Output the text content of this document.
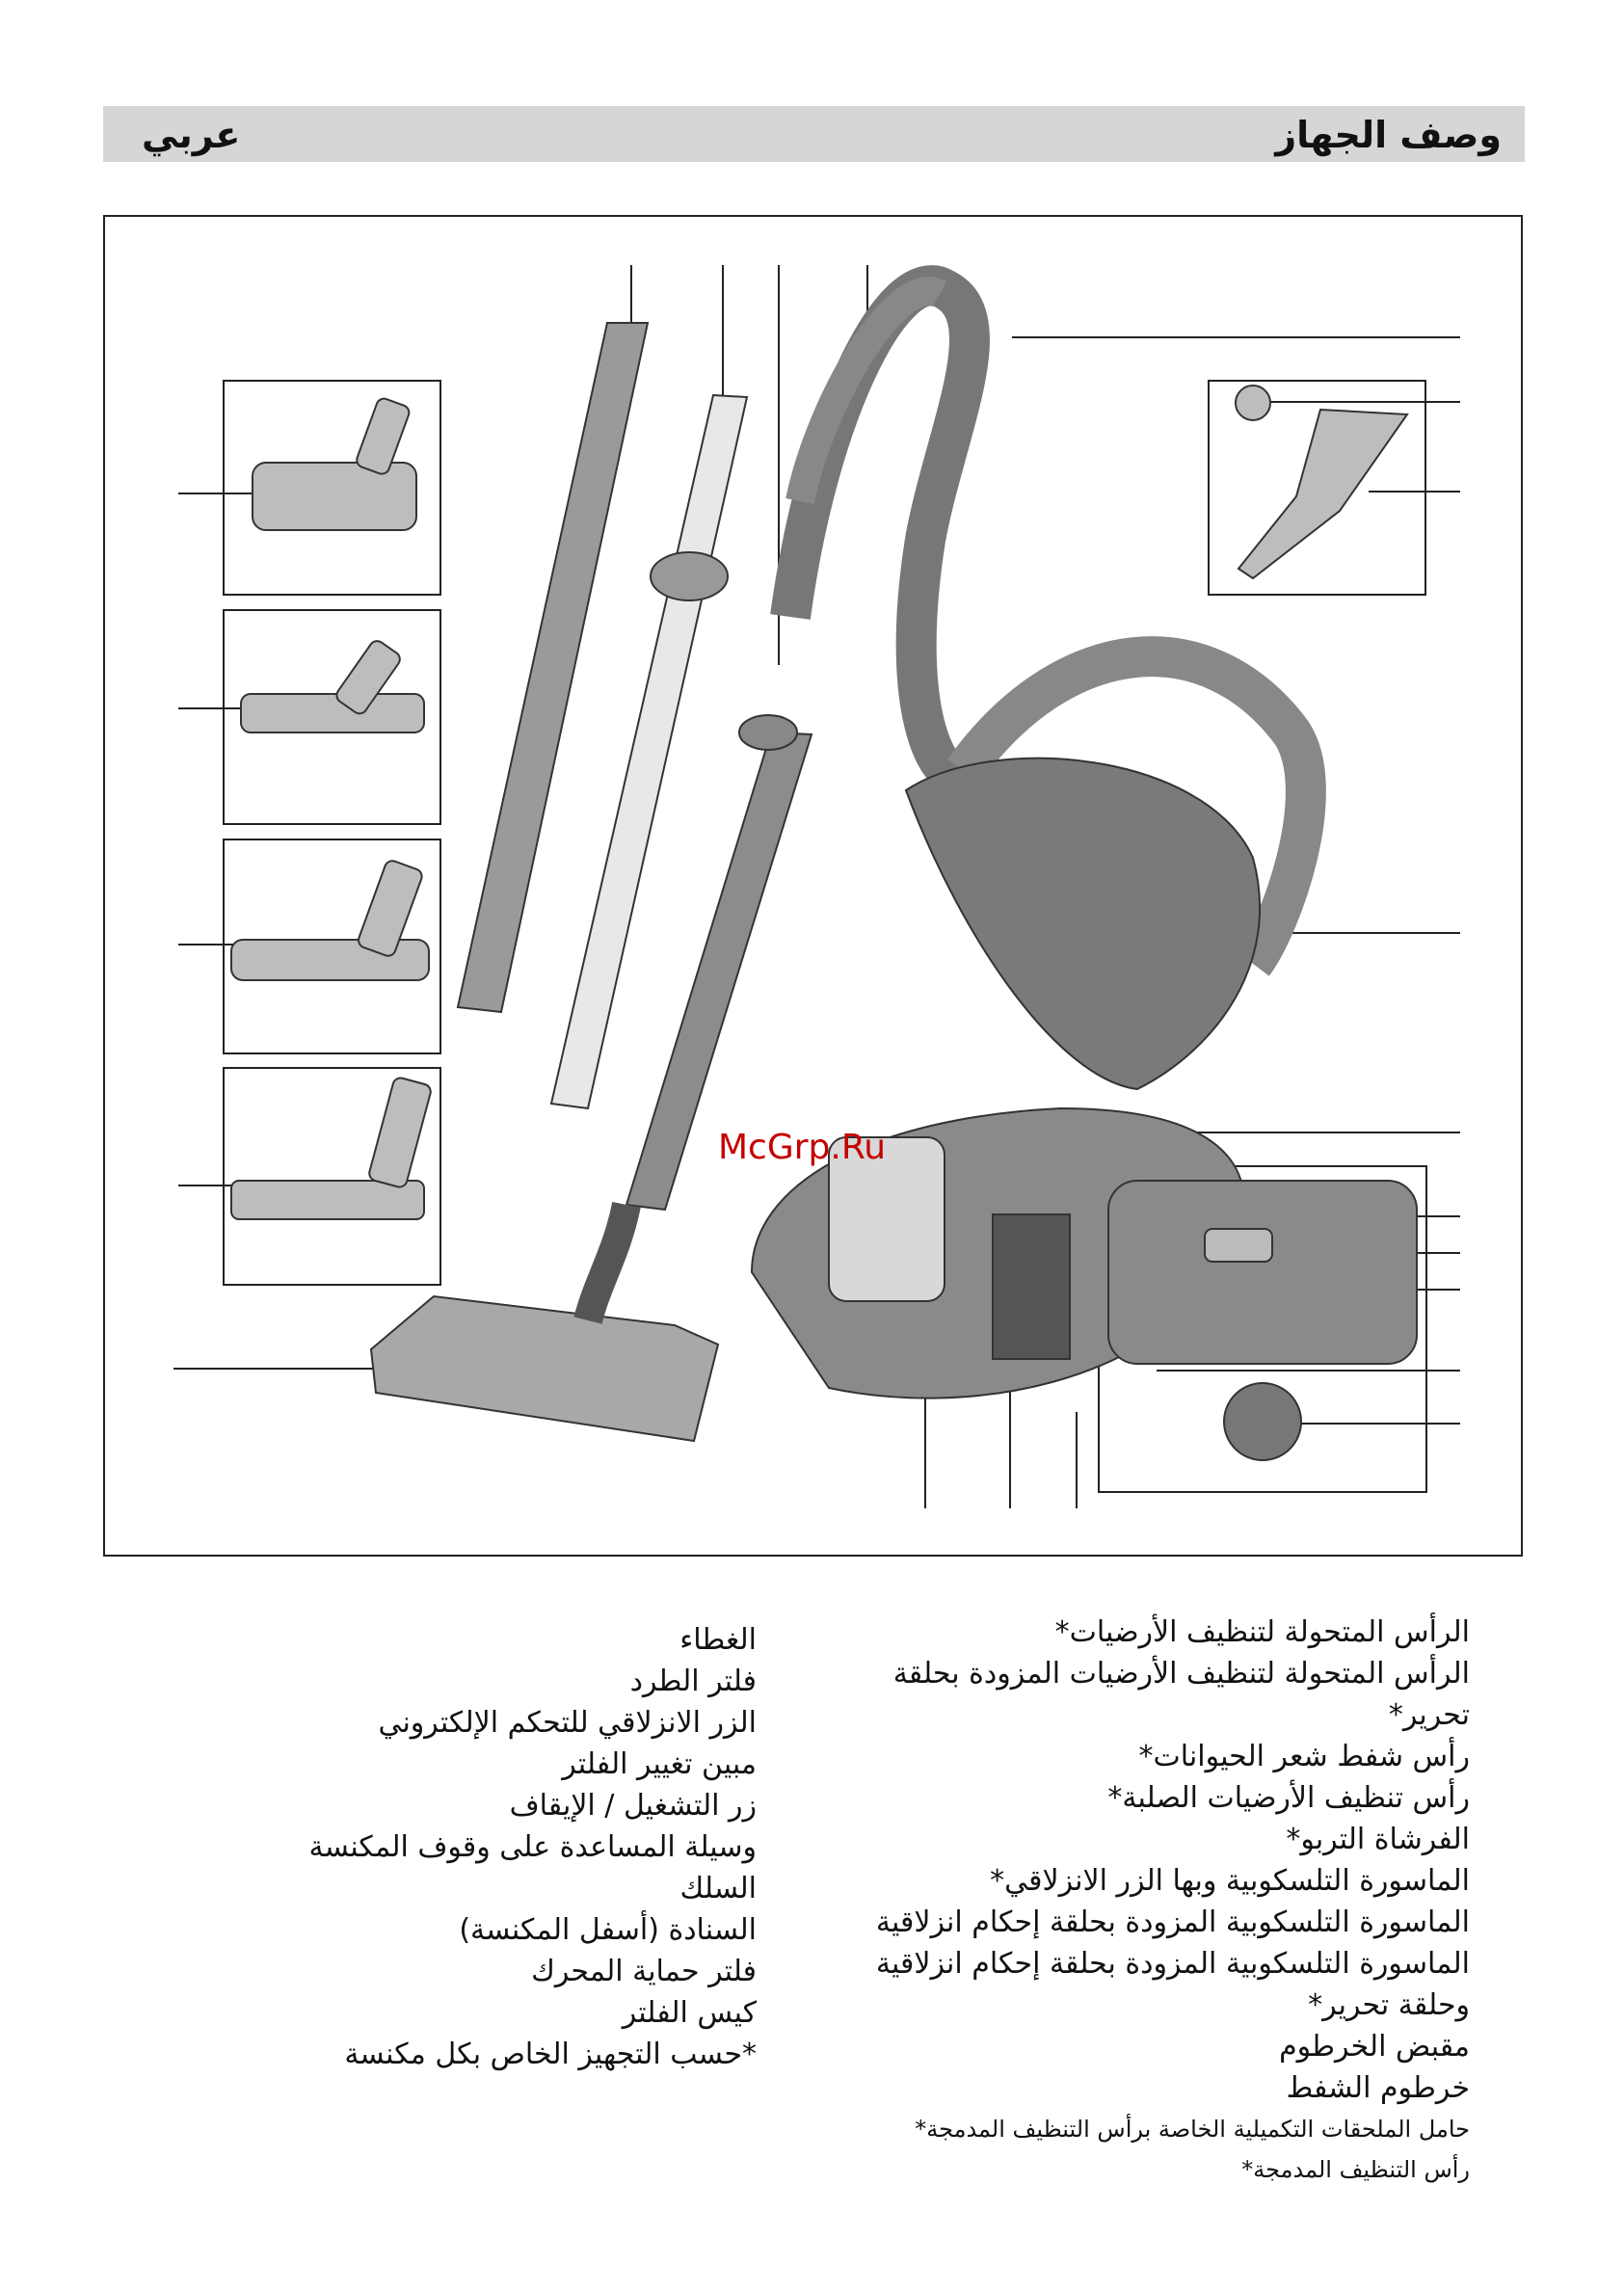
وصف الجهاز
عربي
McGrp.Ru
الرأس المتحولة لتنظيف الأرضيات*
الرأس المتحولة لتنظيف الأرضيات المزودة بحلقة
تحرير*
رأس شفط شعر الحيوانات*
رأس تنظيف الأرضيات الصلبة*
الفرشاة التربو*
الماسورة التلسكوبية وبها الزر الانزلاقي*
الماسورة التلسكوبية المزودة بحلقة إحكام انزلاقية
الماسورة التلسكوبية المزودة بحلقة إحكام انزلاقية
وحلقة تحرير*
مقبض الخرطوم
خرطوم الشفط
حامل الملحقات التكميلية الخاصة برأس التنظيف المدمجة*
رأس التنظيف المدمجة*
الغطاء
فلتر الطرد
الزر الانزلاقي للتحكم الإلكتروني
مبين تغيير الفلتر
زر التشغيل / الإيقاف
وسيلة المساعدة على وقوف المكنسة
السلك
السنادة (أسفل المكنسة)
فلتر حماية المحرك
كيس الفلتر
*حسب التجهيز الخاص بكل مكنسة
